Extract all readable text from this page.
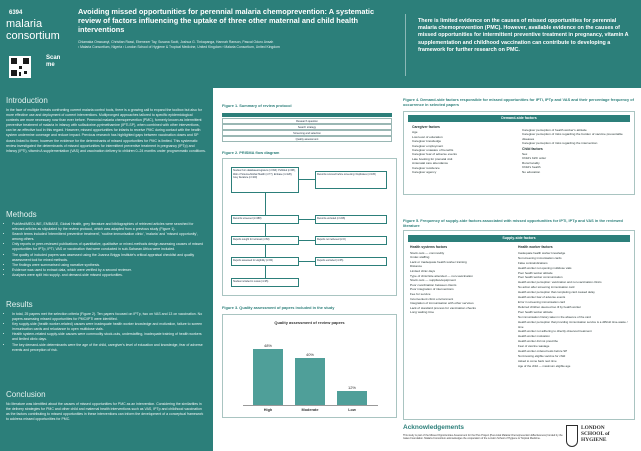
6394
malaria
consortium
Scan
me
Avoiding missed opportunities for perennial malaria chemoprevention: A systematic review of factors influencing the uptake of three other maternal and child health interventions
Chiamaka Onwuanyi, Christian Rassi, Ebenezer Tay, Susana Scott, Joshua G. Tinkapanga, Hannah Ranson, Pascal Oduro Ansah
¹ Malaria Consortium, Nigeria ² London School of Hygiene & Tropical Medicine, United Kingdom ³ Malaria Consortium, United Kingdom
There is limited evidence on the causes of missed opportunities for perennial malaria chemoprevention (PMC). However, available evidence on the causes of missed opportunities for intermittent preventive treatment in pregnancy, vitamin A supplementation and childhood vaccination can contribute to developing a framework for further research on PMC.
Introduction

In the face of multiple threats confronting current malaria control tools, there is a growing call to expand the toolbox but also for more effective use and deployment of current interventions. Multipronged approaches tailored to specific epidemiological contexts are more necessary now than ever before. Perennial malaria chemoprevention (PMC), formerly known as intermittent preventive treatment of malaria in infancy with sulfadoxine-pyrimethamine (IPTi-SP), when combined with other interventions, can be an effective tool in this regard. However, missed opportunities for infants to receive PMC during contact with the health system undermine coverage and reduce impact. Previous research has highlighted gaps between vaccination doses and SP doses linked to them; however the evidence for the determinants of missed opportunities for PMC is limited. This systematic review investigated the determinants of missed opportunities for intermittent preventive treatment in pregnancy (IPTp) and infancy (IPTi), vitamin A supplementation (VAS) and vaccination delivery to children 0–24 months under programmatic conditions.

Methods
• PubMed/MEDLINE, EMBASE, Global Health, grey literature and bibliographies of retrieved articles were searched for relevant articles as stipulated by the review protocol, which was adapted from a previous study (Figure 1).
• Search terms included 'intermittent preventive treatment', 'routine immunisation clinic', 'malaria' and 'missed opportunity', among others.
• Only reports or peer-reviewed publications of quantitative, qualitative or mixed-methods design assessing causes of missed opportunities for IPTp, IPTi, VAS or vaccination that were conducted in sub-Saharan Africa were included.
• The quality of included papers was assessed using the Joanna Briggs Institute's critical appraisal checklist and quality assessment tool for mixed methods.
• The findings were summarised using narrative synthesis.
• Evidence was used to extract data, which were verified by a second reviewer.
• Analyses were split into supply- and demand-side missed opportunities.
Results
• In total, 25 papers met the selection criteria (Figure 2). Ten papers focused on IPTp, two on VAS and 13 on vaccination. No papers assessing missed opportunities for PMC/IPTi were identified.
• Key supply-side (health worker-related) causes were inadequate health worker knowledge and motivation, failure to screen immunisation cards and reluctance to open multidose vials.
• Health system-related supply-side causes were commodity stock-outs, understaffing, inadequate training of health workers and limited clinic days.
• The key demand-side determinants were the age of the child, caregiver's level of education and knowledge, fear of adverse events and perception of risk.
Conclusion

No literature was identified about the causes of missed opportunities for PMC as an intervention. Considering the similarities in the delivery strategies for PMC and other child and maternal health interventions such as VAS, IPTp and childhood vaccination as the factors contributing to missed opportunities in these interventions can inform the development of a conceptual framework to address missed opportunities for PMC.

Figure 1. Summary of review protocol
Research question
Search strategy
Screening and selection
Quality assessment
Figure 2. PRISMA flow diagram
Studies from databases/registers (n=393): PubMed (n=88), Web of Science/Global Health (n=77), Embase (n=128), Grey literature (n=100)
Records removed before screening: Duplicates (n=105)
Records screened (n=288)	Records excluded (n=228)
Reports sought for retrieval (n=60)	Reports not retrieved (n=0)
Reports assessed for eligibility (n=60)	Reports excluded (n=35)
Studies included in review (n=25)
Figure 3. Quality assessment of papers included in the study
Quality assessment of review papers
48%
High
40%
Moderate
12%
Low
Figure 4. Demand-side factors responsible for missed opportunities for IPTi, IPTp and VAS and their percentage frequency of occurrence in selected papers
Demand-side factors
Caregiver factors
Age
Low level of education
Caregiver knowledge
Caregiver employment
Caregiver unaware of benefits
Caregiver fear of adverse events
Late booking for prenatal visit
Antenatal care attendance
Caregiver residence
Caregiver agency
Caregiver perception of health worker's attitude
Caregiver perception of risks regarding the burden of vaccine preventable diseases
Caregiver perception of risks regarding the intervention
Child factors
Sex
Child's birth order
Rural locality
Child's health
No education
Figure 5. Frequency of supply-side factors associated with missed opportunities for IPTi, IPTp and VAS in the reviewed literature
Supply-side factors
Health systems factors
Stock outs — commodity
Under-staffing
Lack or inadequate health worker training
Distance
Limited clinic days
Type of clinic/site attended — non-vaccination
Stock outs — supplies/equipment
Poor coordination between clients
Poor integration of interventions
Fee for service
Inconvenient clinic environment
Integration of immunisation with other services
Lack of standard process for vaccination checks
Long waiting time
Health worker factors
Inadequate health worker knowledge
Not screening immunisation cards
False contraindications
Health worker not opening multidose vials
Poor health worker attitude
Poor health worker communication
Health worker perception: vaccination and non-vaccination clinics
No action after screening immunisation card
Health worker perception that completing card caused delay
Health worker fear of adverse events
Error in screening immunisation card
Referred children deemed too ill by health worker
Poor health worker attitude
No immunisation history taken in the absence of the card
Health worker perception that providing immunisation service is a difficult time-waste / time
Health worker not adhering to directly observed treatment
Health worker motivation
Health worker did not prescribe
Fear of vaccine wastage
Health worker ordered tests before SP
Not knowing eligible vaccine for child
Asked to come back next time
Age of the child — maximum eligible age
Acknowledgements
This study is part of the Missed Opportunities Assessment for the Plus Project (Perennial Malaria Chemoprevention Effectiveness) funded by the Gates Foundation. Malaria Consortium acknowledges the cooperation of the London School of Hygiene & Tropical Medicine.
LONDON
SCHOOL of
HYGIENE
